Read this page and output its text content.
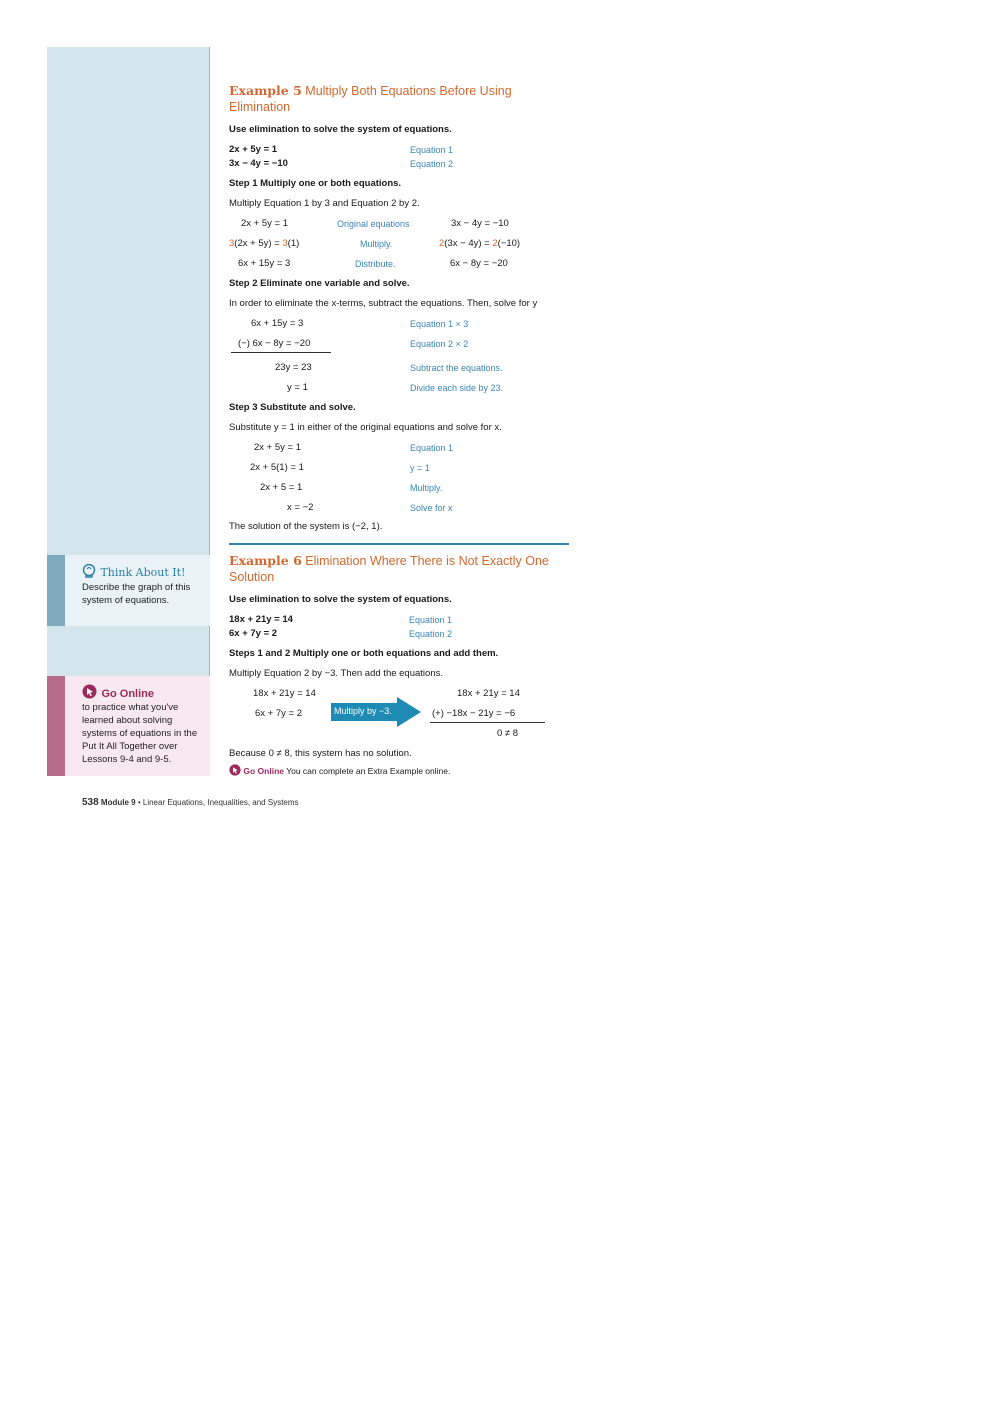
Think About It!
Describe the graph of this system of equations.
Go Online
to practice what you've learned about solving systems of equations in the Put It All Together over Lessons 9-4 and 9-5.
Example 5 Multiply Both Equations Before Using Elimination
Use elimination to solve the system of equations.
2x + 5y = 1	Equation 1
3x − 4y = −10	Equation 2
Step 1 Multiply one or both equations.
Multiply Equation 1 by 3 and Equation 2 by 2.
2x + 5y = 1	Original equations	3x − 4y = −10
3(2x + 5y) = 3(1)	Multiply.	2(3x − 4y) = 2(−10)
6x + 15y = 3	Distribute.	6x − 8y = −20
Step 2 Eliminate one variable and solve.
In order to eliminate the x-terms, subtract the equations. Then, solve for y
6x + 15y = 3	Equation 1 × 3
(−) 6x − 8y = −20	Equation 2 × 2
23y = 23	Subtract the equations.
y = 1	Divide each side by 23.
Step 3 Substitute and solve.
Substitute y = 1 in either of the original equations and solve for x.
2x + 5y = 1	Equation 1
2x + 5(1) = 1	y = 1
2x + 5 = 1	Multiply.
x = −2	Solve for x
The solution of the system is (−2, 1).
Example 6 Elimination Where There is Not Exactly One Solution
Use elimination to solve the system of equations.
18x + 21y = 14	Equation 1
6x + 7y = 2	Equation 2
Steps 1 and 2 Multiply one or both equations and add them.
Multiply Equation 2 by −3. Then add the equations.
18x + 21y = 14
6x + 7y = 2	Multiply by −3.
18x + 21y = 14
(+) −18x − 21y = −6
0 ≠ 8
Because 0 ≠ 8, this system has no solution.
Go Online You can complete an Extra Example online.
538 Module 9 • Linear Equations, Inequalities, and Systems
